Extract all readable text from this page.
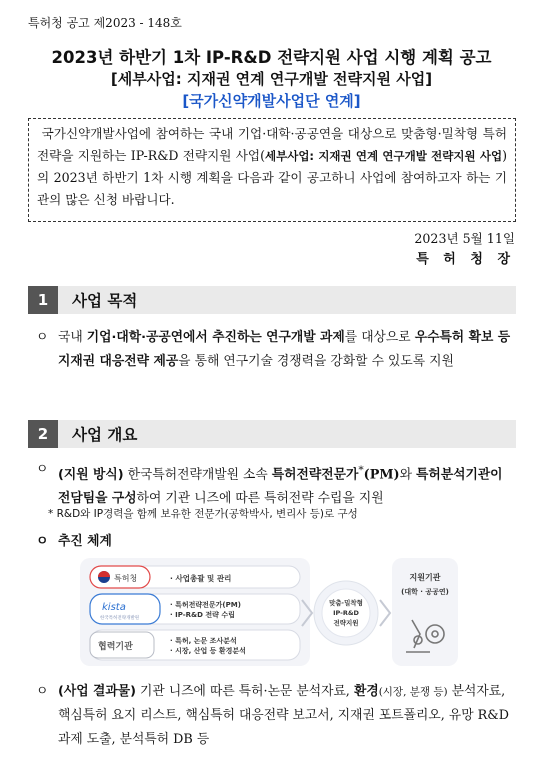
특허청 공고 제2023 - 148호
2023년 하반기 1차 IP-R&D 전략지원 사업 시행 계획 공고
[세부사업: 지재권 연계 연구개발 전략지원 사업]
[국가신약개발사업단 연계]
국가신약개발사업에 참여하는 국내 기업·대학·공공연을 대상으로 맞춤형·밀착형 특허전략을 지원하는 IP-R&D 전략지원 사업(세부사업: 지재권 연계 연구개발 전략지원 사업)의 2023년 하반기 1차 시행 계획을 다음과 같이 공고하니 사업에 참여하고자 하는 기관의 많은 신청 바랍니다.
2023년 5월 11일
특 허 청 장
1	사업 목적
ㅇ 국내 기업·대학·공공연에서 추진하는 연구개발 과제를 대상으로 우수특허 확보 등 지재권 대응전략 제공을 통해 연구기술 경쟁력을 강화할 수 있도록 지원
2	사업 개요
ㅇ (지원 방식) 한국특허전략개발원 소속 특허전략전문가*(PM)와 특허분석기관이 전담팀을 구성하여 기관 니즈에 따른 특허전략 수립을 지원
* R&D와 IP경력을 함께 보유한 전문가(공학박사, 변리사 등)로 구성
ㅇ 추진 체계
특허청	· 사업총괄 및 관리
kista
한국특허전략개발원
· 특허전략전문가(PM)
· IP-R&D 전략 수립
협력기관
· 특허, 논문 조사분석
· 시장, 산업 등 환경분석
맞춤·밀착형
IP-R&D
전략지원
지원기관
(대학 · 공공연)
ㅇ (사업 결과물) 기관 니즈에 따른 특허·논문 분석자료, 환경(시장, 분쟁 등) 분석자료, 핵심특허 요지 리스트, 핵심특허 대응전략 보고서, 지재권 포트폴리오, 유망 R&D과제 도출, 분석특허 DB 등
